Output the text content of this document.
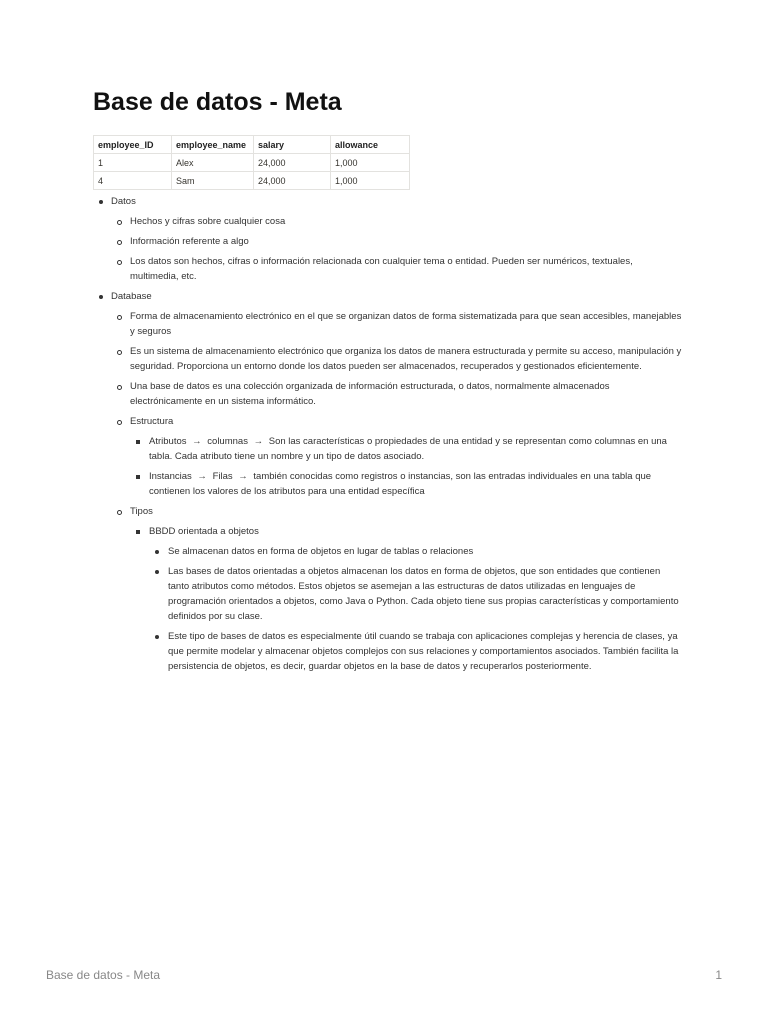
Base de datos - Meta
employee_ID	employee_name	salary	allowance
1	Alex	24,000	1,000
4	Sam	24,000	1,000
Datos
Hechos y cifras sobre cualquier cosa
Información referente a algo
Los datos son hechos, cifras o información relacionada con cualquier tema o entidad. Pueden ser numéricos, textuales, multimedia, etc.
Database
Forma de almacenamiento electrónico en el que se organizan datos de forma sistematizada para que sean accesibles, manejables y seguros
Es un sistema de almacenamiento electrónico que organiza los datos de manera estructurada y permite su acceso, manipulación y seguridad. Proporciona un entorno donde los datos pueden ser almacenados, recuperados y gestionados eficientemente.
Una base de datos es una colección organizada de información estructurada, o datos, normalmente almacenados electrónicamente en un sistema informático.
Estructura
Atributos → columnas → Son las características o propiedades de una entidad y se representan como columnas en una tabla. Cada atributo tiene un nombre y un tipo de datos asociado.
Instancias → Filas → también conocidas como registros o instancias, son las entradas individuales en una tabla que contienen los valores de los atributos para una entidad específica
Tipos
BBDD orientada a objetos
Se almacenan datos en forma de objetos en lugar de tablas o relaciones
Las bases de datos orientadas a objetos almacenan los datos en forma de objetos, que son entidades que contienen tanto atributos como métodos. Estos objetos se asemejan a las estructuras de datos utilizadas en lenguajes de programación orientados a objetos, como Java o Python. Cada objeto tiene sus propias características y comportamiento definidos por su clase.
Este tipo de bases de datos es especialmente útil cuando se trabaja con aplicaciones complejas y herencia de clases, ya que permite modelar y almacenar objetos complejos con sus relaciones y comportamientos asociados. También facilita la persistencia de objetos, es decir, guardar objetos en la base de datos y recuperarlos posteriormente.
Base de datos - Meta	1
